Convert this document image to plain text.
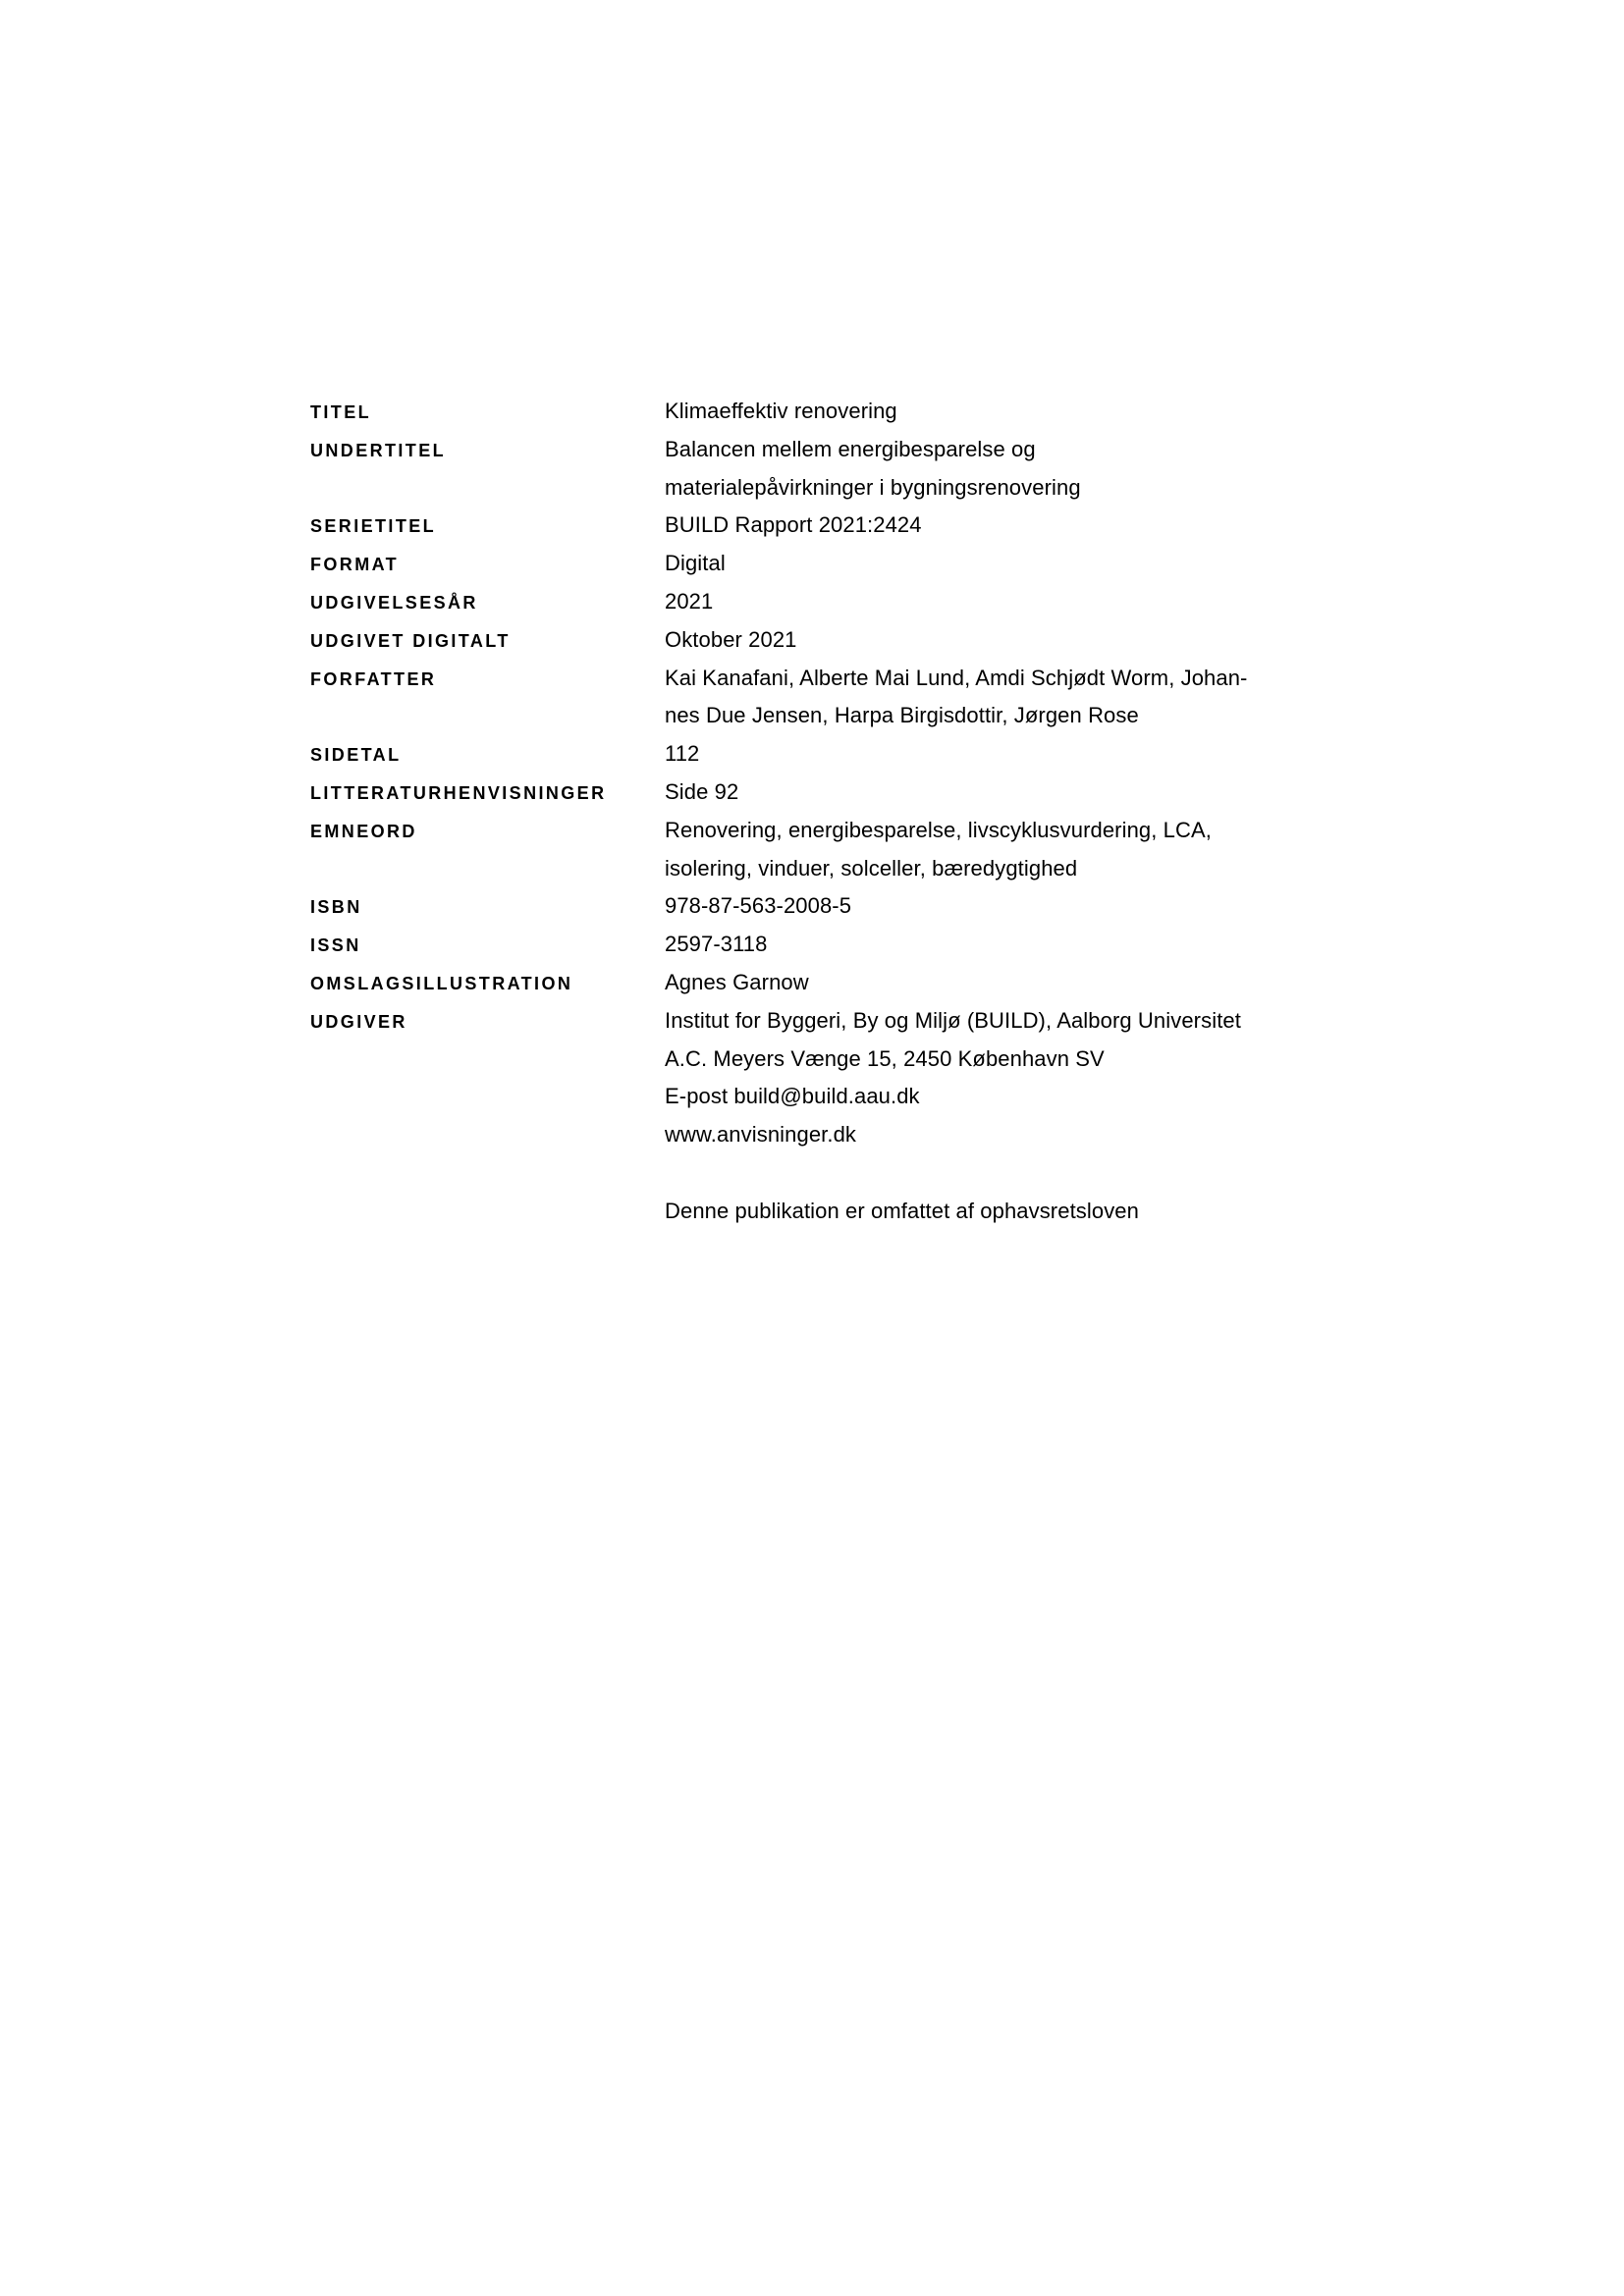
TITEL	Klimaeffektiv renovering
UNDERTITEL	Balancen mellem energibesparelse og
materialepåvirkninger i bygningsrenovering
SERIETITEL	BUILD Rapport 2021:2424
FORMAT	Digital
UDGIVELSESÅR	2021
UDGIVET DIGITALT	Oktober 2021
FORFATTER	Kai Kanafani, Alberte Mai Lund, Amdi Schjødt Worm, Johan-
nes Due Jensen, Harpa Birgisdottir, Jørgen Rose
SIDETAL	112
LITTERATURHENVISNINGER	Side 92
EMNEORD	Renovering, energibesparelse, livscyklusvurdering, LCA,
isolering, vinduer, solceller, bæredygtighed
ISBN	978-87-563-2008-5
ISSN	2597-3118
OMSLAGSILLUSTRATION	Agnes Garnow
UDGIVER	Institut for Byggeri, By og Miljø (BUILD), Aalborg Universitet
A.C. Meyers Vænge 15, 2450 København SV
E-post build@build.aau.dk
www.anvisninger.dk
Denne publikation er omfattet af ophavsretsloven
